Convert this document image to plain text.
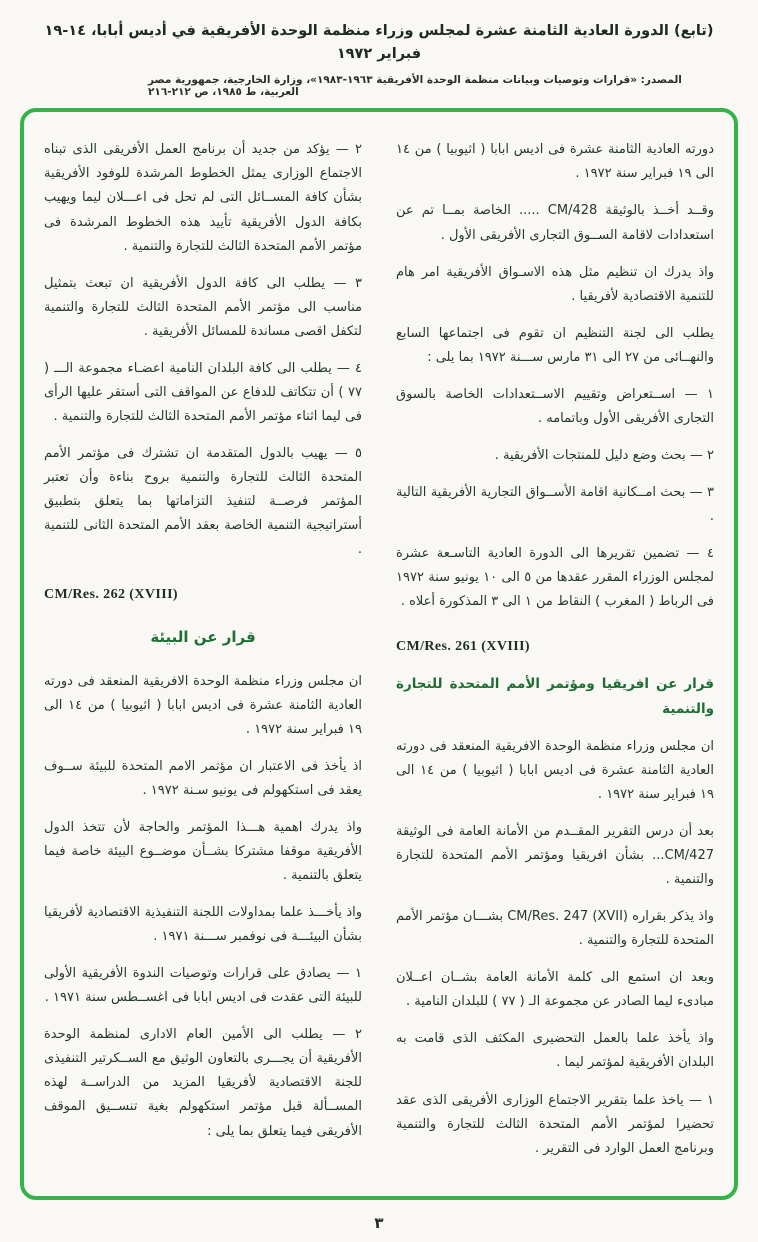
(تابع) الدورة العادية الثامنة عشرة لمجلس وزراء منظمة الوحدة الأفريقية في أديس أبابا، ١٤-١٩ فبراير ١٩٧٢
المصدر: «قرارات وتوصيات وبيانات منظمة الوحدة الأفريقية ١٩٦٣-١٩٨٣»، وزارة الخارجية، جمهورية مصر العربية، ط ١٩٨٥، ص ٢١٢-٢١٦

دورته العادية الثامنة عشرة فى اديس ابابا ( اثيوبيا ) من ١٤ الى ١٩ فبراير سنة ١٩٧٢ .

وقــد أخــذ بالوثيقة CM/428 ..... الخاصة بمــا تم عن استعدادات لاقامة الســوق التجارى الأفريقى الأول .

واذ يدرك ان تنظيم مثل هذه الاسـواق الأفريقية امر هام للتنمية الاقتصادية لأفريقيا .

يطلب الى لجنة التنظيم ان تقوم فى اجتماعها السابع والنهــائى من ٢٧ الى ٣١ مارس ســـنة ١٩٧٢ بما يلى :

١ — اســتعراض وتقييم الاســتعدادات الخاصة بالسوق التجارى الأفريقى الأول وباتمامه .

٢ — بحث وضع دليل للمنتجات الأفريقية .

٣ — بحث امــكانية اقامة الأســواق التجارية الأفريقية التالية .

٤ — تضمين تقريرها الى الدورة العادية التاسـعة عشرة لمجلس الوزراء المقرر عقدها من ٥ الى ١٠ يونيو سنة ١٩٧٢ فى الرباط ( المغرب ) النقاط من ١ الى ٣ المذكورة أعلاه .

CM/Res. 261 (XVIII)

قرار عن افريقيا ومؤتمر الأمم المتحدة للتجارة والتنمية

ان مجلس وزراء منظمة الوحدة الافريقية المنعقد فى دورته العادية الثامنة عشرة فى اديس ابابا ( اثيوبيا ) من ١٤ الى ١٩ فبراير سنة ١٩٧٢ .

بعد أن درس التقرير المقــدم من الأمانة العامة فى الوثيقة CM/427... بشأن افريقيا ومؤتمر الأمم المتحدة للتجارة والتنمية .

واذ يذكر بقراره CM/Res. 247 (XVII) بشـــان مؤتمر الأمم المتحدة للتجارة والتنمية .

وبعد ان استمع الى كلمة الأمانة العامة بشــان اعــلان مبادىء ليما الصادر عن مجموعة الـ ( ٧٧ ) للبلدان النامية .

واذ يأخذ علما بالعمل التحضيرى المكثف الذى قامت به البلدان الأفريقية لمؤتمر ليما .

١ — ياخذ علما بتقرير الاجتماع الوزارى الأفريقى الذى عقد تحضيرا لمؤتمر الأمم المتحدة الثالث للتجارة والتنمية وبرنامج العمل الوارد فى التقرير .

٢ — يؤكد من جديد أن برنامج العمل الأفريقى الذى تبناه الاجتماع الوزارى يمثل الخطوط المرشدة للوفود الأفريقية بشأن كافة المســائل التى لم تحل فى اعـــلان ليما ويهيب بكافة الدول الأفريقية تأييد هذه الخطوط المرشدة فى مؤتمر الأمم المتحدة الثالث للتجارة والتنمية .

٣ — يطلب الى كافة الدول الأفريقية ان تبعث بتمثيل مناسب الى مؤتمر الأمم المتحدة الثالث للتجارة والتنمية لتكفل اقصى مساندة للمسائل الأفريقية .

٤ — يطلب الى كافة البلدان النامية اعضـاء مجموعة الـــ ( ٧٧ ) أن تتكاتف للدفاع عن المواقف التى أستقر عليها الرأى فى ليما اثناء مؤتمر الأمم المتحدة الثالث للتجارة والتنمية .

٥ — يهيب بالدول المتقدمة ان تشترك فى مؤتمر الأمم المتحدة الثالث للتجارة والتنمية بروح بناءة وأن تعتبر المؤتمر فرصــة لتنفيذ التزاماتها بما يتعلق بتطبيق أستراتيجية التنمية الخاصة بعقد الأمم المتحدة الثانى للتنمية .

CM/Res. 262 (XVIII)

قرار عن البيئة

ان مجلس وزراء منظمة الوحدة الافريقية المنعقد فى دورته العادية الثامنة عشرة فى اديس ابابا ( اثيوبيا ) من ١٤ الى ١٩ فبراير سنة ١٩٧٢ .

اذ يأخذ فى الاعتبار ان مؤتمر الامم المتحدة للبيئة ســوف يعقد فى استكهولم فى يونيو سـنة ١٩٧٢ .

واذ يدرك اهمية هـــذا المؤتمر والحاجة لأن تتخذ الدول الأفريقية موقفا مشتركا بشــأن موضــوع البيئة خاصة فيما يتعلق بالتنمية .

واذ يأخـــذ علما بمداولات اللجنة التنفيذية الاقتصادية لأفريقيا بشأن البيئـــة فى نوفمبر ســـنة ١٩٧١ .

١ — يصادق على قرارات وتوصيات الندوة الأفريقية الأولى للبيئة التى عقدت فى اديس ابابا فى اغســطس سنة ١٩٧١ .

٢ — يطلب الى الأمين العام الادارى لمنظمة الوحدة الأفريقية أن يجـــرى بالتعاون الوثيق مع الســكرتير التنفيذى للجنة الاقتصادية لأفريقيا المزيد من الدراســة لهذه المســألة قبل مؤتمر استكهولم بغية تنســيق الموقف الأفريقى فيما يتعلق بما يلى :

٣
